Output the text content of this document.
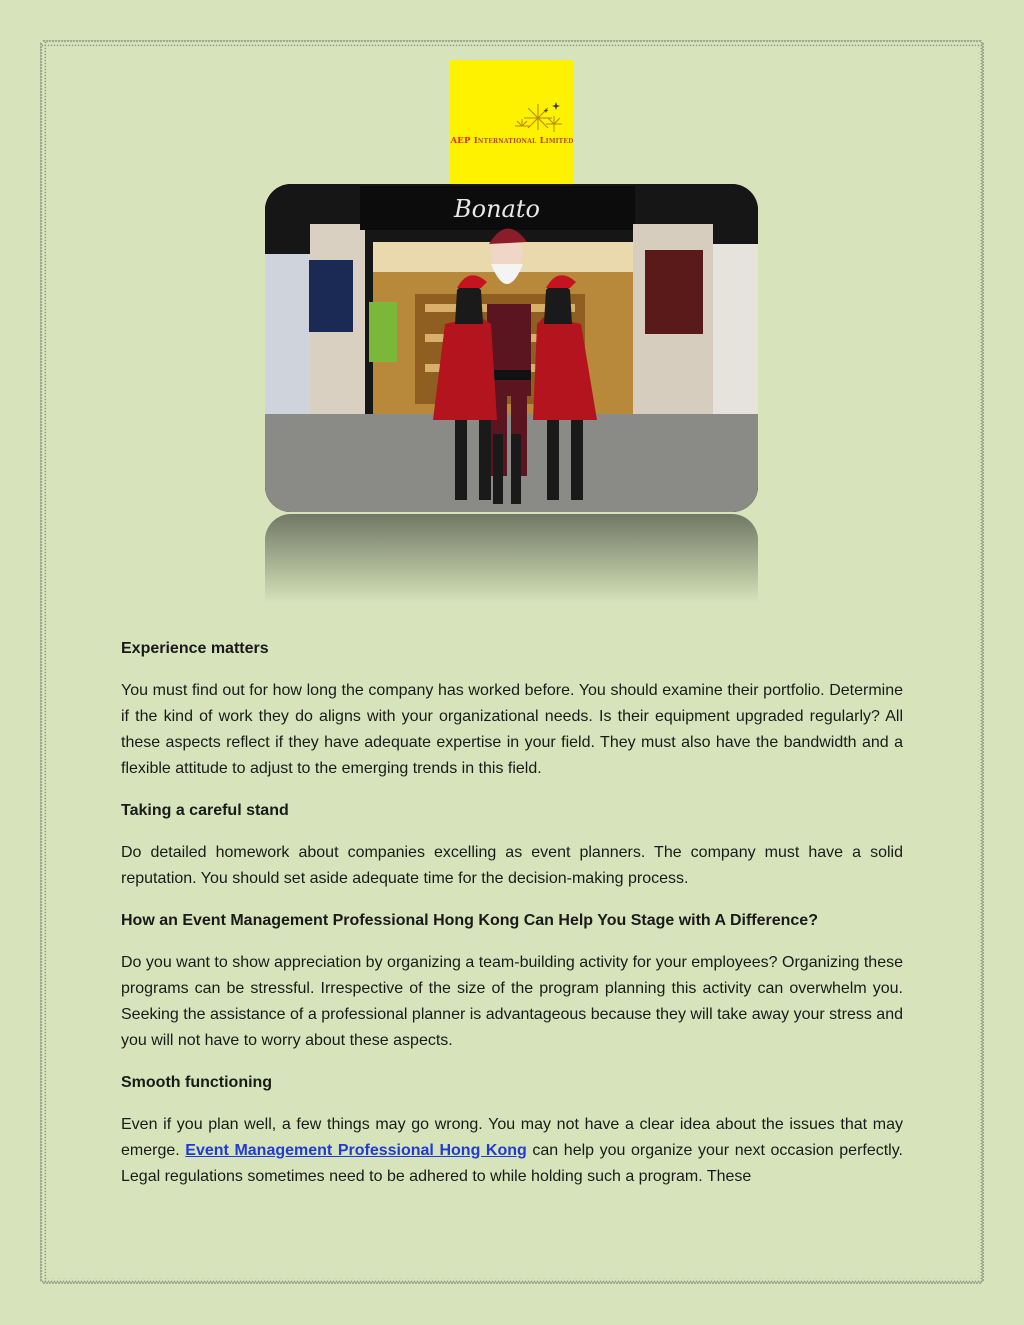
AEP International Limited
Bonato
Experience matters

You must find out for how long the company has worked before. You should examine their portfolio. Determine if the kind of work they do aligns with your organizational needs. Is their equipment upgraded regularly? All these aspects reflect if they have adequate expertise in your field. They must also have the bandwidth and a flexible attitude to adjust to the emerging trends in this field.

Taking a careful stand

Do detailed homework about companies excelling as event planners. The company must have a solid reputation. You should set aside adequate time for the decision-making process.

How an Event Management Professional Hong Kong Can Help You Stage with A Difference?

Do you want to show appreciation by organizing a team-building activity for your employees? Organizing these programs can be stressful. Irrespective of the size of the program planning this activity can overwhelm you. Seeking the assistance of a professional planner is advantageous because they will take away your stress and you will not have to worry about these aspects.

Smooth functioning

Even if you plan well, a few things may go wrong. You may not have a clear idea about the issues that may emerge. Event Management Professional Hong Kong can help you organize your next occasion perfectly. Legal regulations sometimes need to be adhered to while holding such a program. These
